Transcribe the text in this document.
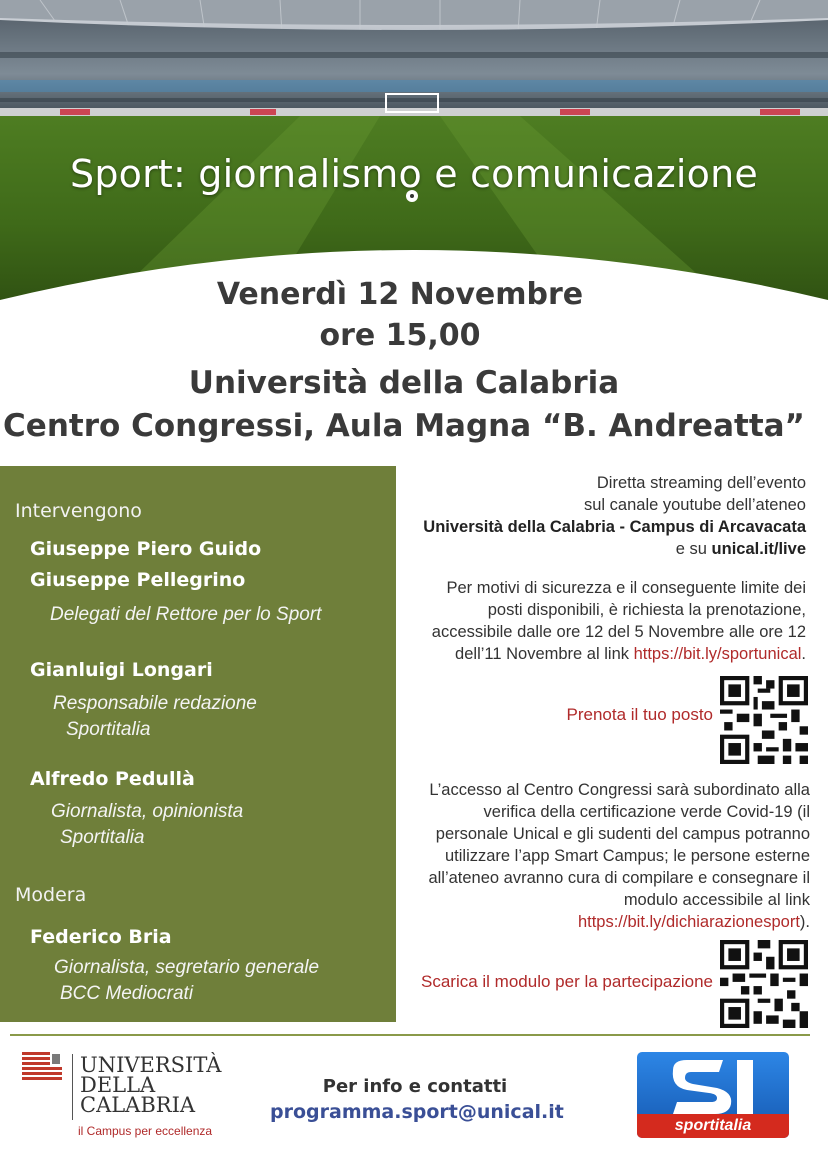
Sport: giornalismo e comunicazione
Venerdì 12 Novembre
ore 15,00
Università della Calabria
Centro Congressi, Aula Magna “B. Andreatta”
Intervengono
Giuseppe Piero Guido
Giuseppe Pellegrino
Delegati del Rettore per lo Sport
Gianluigi Longari
Responsabile redazione
Sportitalia
Alfredo Pedullà
Giornalista, opinionista
Sportitalia
Modera
Federico Bria
Giornalista, segretario generale
BCC Mediocrati
Diretta streaming dell’evento
sul canale youtube dell’ateneo
Università della Calabria - Campus di Arcavacata
e su unical.it/live
Per motivi di sicurezza e il conseguente limite dei
posti disponibili, è richiesta la prenotazione,
accessibile dalle ore 12 del 5 Novembre alle ore 12
dell’11 Novembre al link https://bit.ly/sportunical.
Prenota il tuo posto
L’accesso al Centro Congressi sarà subordinato alla
verifica della certificazione verde Covid-19 (il
personale Unical e gli sudenti del campus potranno
utilizzare l’app Smart Campus; le persone esterne
all’ateneo avranno cura di compilare e consegnare il
modulo accessibile al link
https://bit.ly/dichiarazionesport).
Scarica il modulo per la partecipazione
UNIVERSITÀ
DELLA
CALABRIA
il Campus per eccellenza
Per info e contatti
programma.sport@unical.it
sportitalia
